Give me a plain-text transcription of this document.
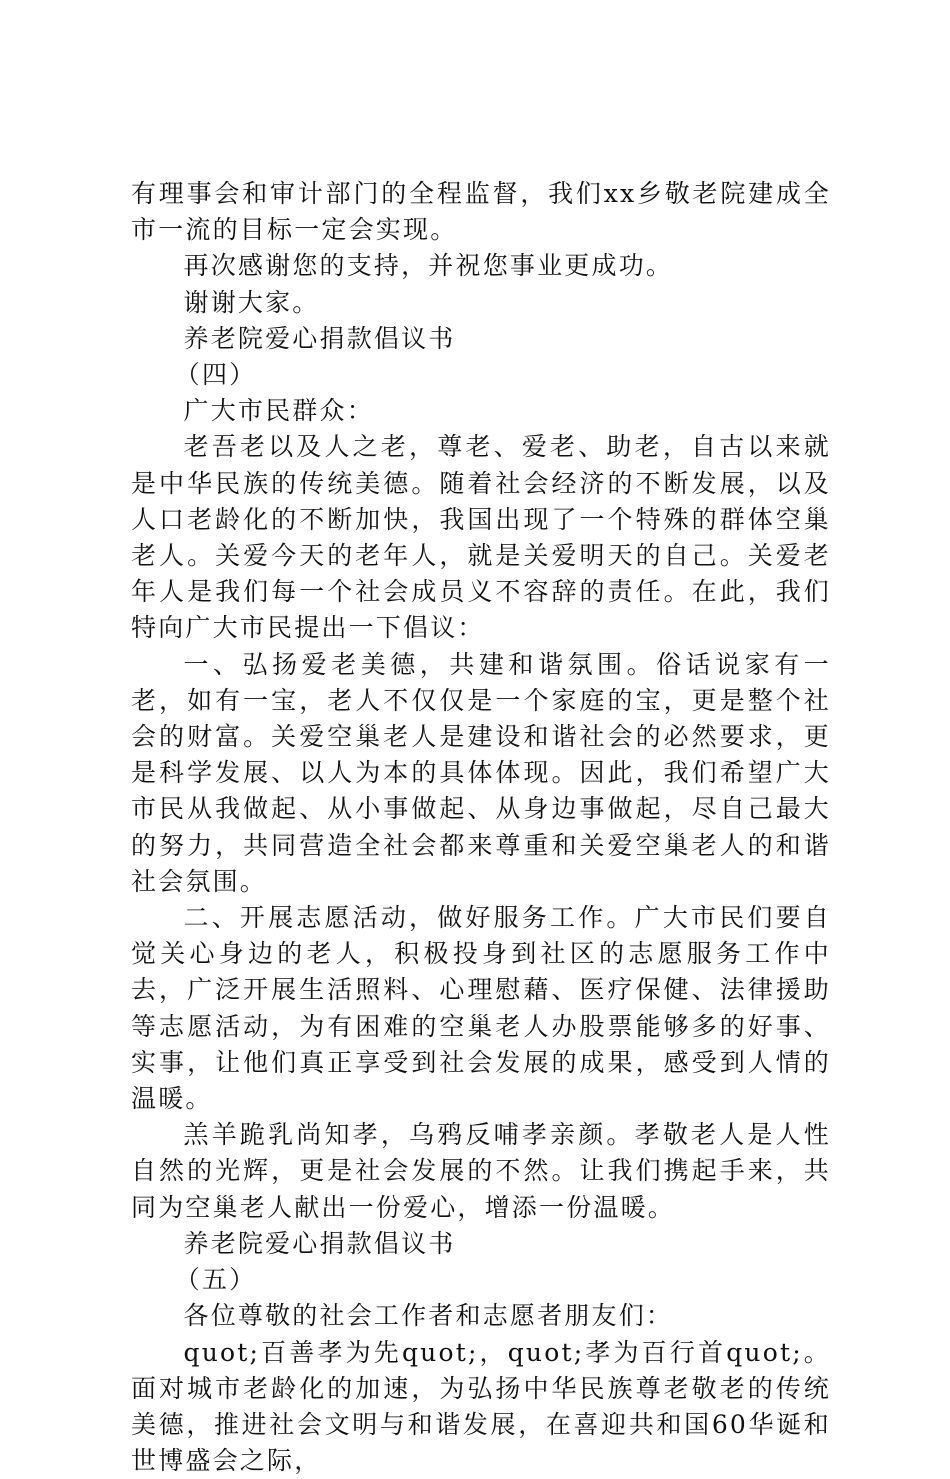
有理事会和审计部门的全程监督，我们xx乡敬老院建成全市一流的目标一定会实现。

再次感谢您的支持，并祝您事业更成功。

谢谢大家。

养老院爱心捐款倡议书

（四）

广大市民群众：

老吾老以及人之老，尊老、爱老、助老，自古以来就是中华民族的传统美德。随着社会经济的不断发展，以及人口老龄化的不断加快，我国出现了一个特殊的群体空巢老人。关爱今天的老年人，就是关爱明天的自己。关爱老年人是我们每一个社会成员义不容辞的责任。在此，我们特向广大市民提出一下倡议：

一、弘扬爱老美德，共建和谐氛围。俗话说家有一老，如有一宝，老人不仅仅是一个家庭的宝，更是整个社会的财富。关爱空巢老人是建设和谐社会的必然要求，更是科学发展、以人为本的具体体现。因此，我们希望广大市民从我做起、从小事做起、从身边事做起，尽自己最大的努力，共同营造全社会都来尊重和关爱空巢老人的和谐社会氛围。

二、开展志愿活动，做好服务工作。广大市民们要自觉关心身边的老人，积极投身到社区的志愿服务工作中去，广泛开展生活照料、心理慰藉、医疗保健、法律援助等志愿活动，为有困难的空巢老人办股票能够多的好事、实事，让他们真正享受到社会发展的成果，感受到人情的温暖。

羔羊跪乳尚知孝，乌鸦反哺孝亲颜。孝敬老人是人性自然的光辉，更是社会发展的不然。让我们携起手来，共同为空巢老人献出一份爱心，增添一份温暖。

养老院爱心捐款倡议书

（五）

各位尊敬的社会工作者和志愿者朋友们：

quot;百善孝为先quot;，quot;孝为百行首quot;。面对城市老龄化的加速，为弘扬中华民族尊老敬老的传统美德，推进社会文明与和谐发展，在喜迎共和国60华诞和世博盛会之际，
